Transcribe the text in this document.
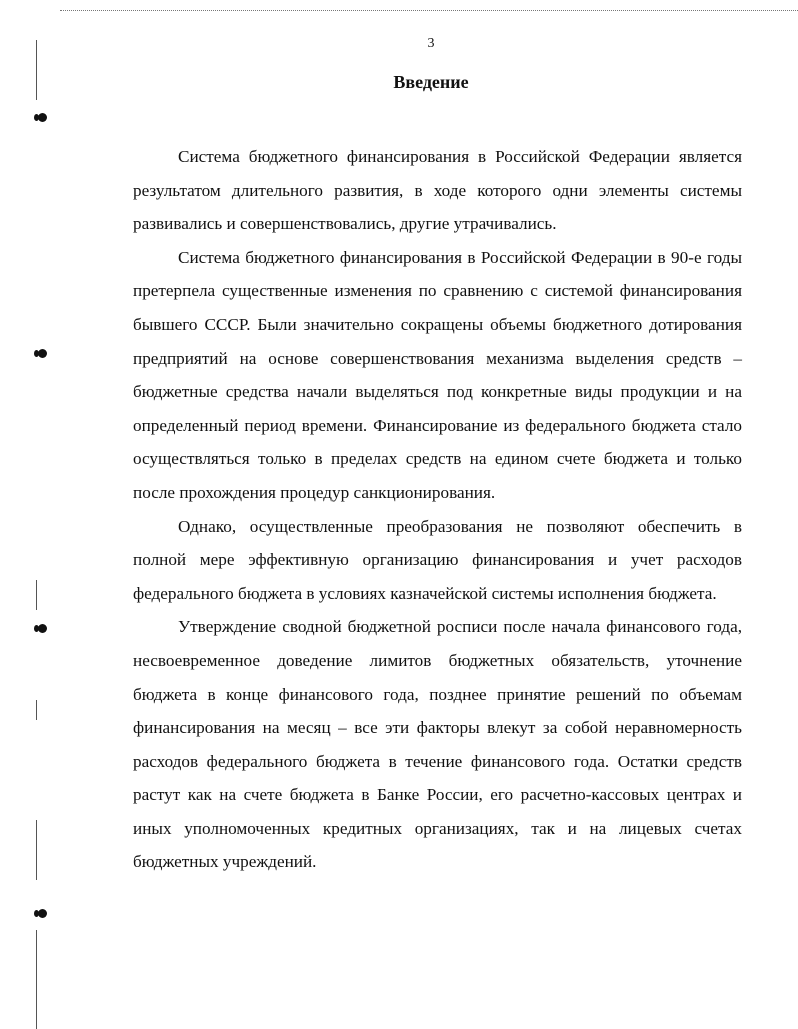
3
Введение

Система бюджетного финансирования в Российской Федерации является результатом длительного развития, в ходе которого одни элементы системы развивались и совершенствовались, другие утрачивались.

Система бюджетного финансирования в Российской Федерации в 90-е годы претерпела существенные изменения по сравнению с системой финансирования бывшего СССР. Были значительно сокращены объемы бюджетного дотирования предприятий на основе совершенствования механизма выделения средств – бюджетные средства начали выделяться под конкретные виды продукции и на определенный период времени. Финансирование из федерального бюджета стало осуществляться только в пределах средств на едином счете бюджета и только после прохождения процедур санкционирования.

Однако, осуществленные преобразования не позволяют обеспечить в полной мере эффективную организацию финансирования и учет расходов федерального бюджета в условиях казначейской системы исполнения бюджета.

Утверждение сводной бюджетной росписи после начала финансового года, несвоевременное доведение лимитов бюджетных обязательств, уточнение бюджета в конце финансового года, позднее принятие решений по объемам финансирования на месяц – все эти факторы влекут за собой неравномерность расходов федерального бюджета в течение финансового года. Остатки средств растут как на счете бюджета в Банке России, его расчетно-кассовых центрах и иных уполномоченных кредитных организациях, так и на лицевых счетах бюджетных учреждений.
